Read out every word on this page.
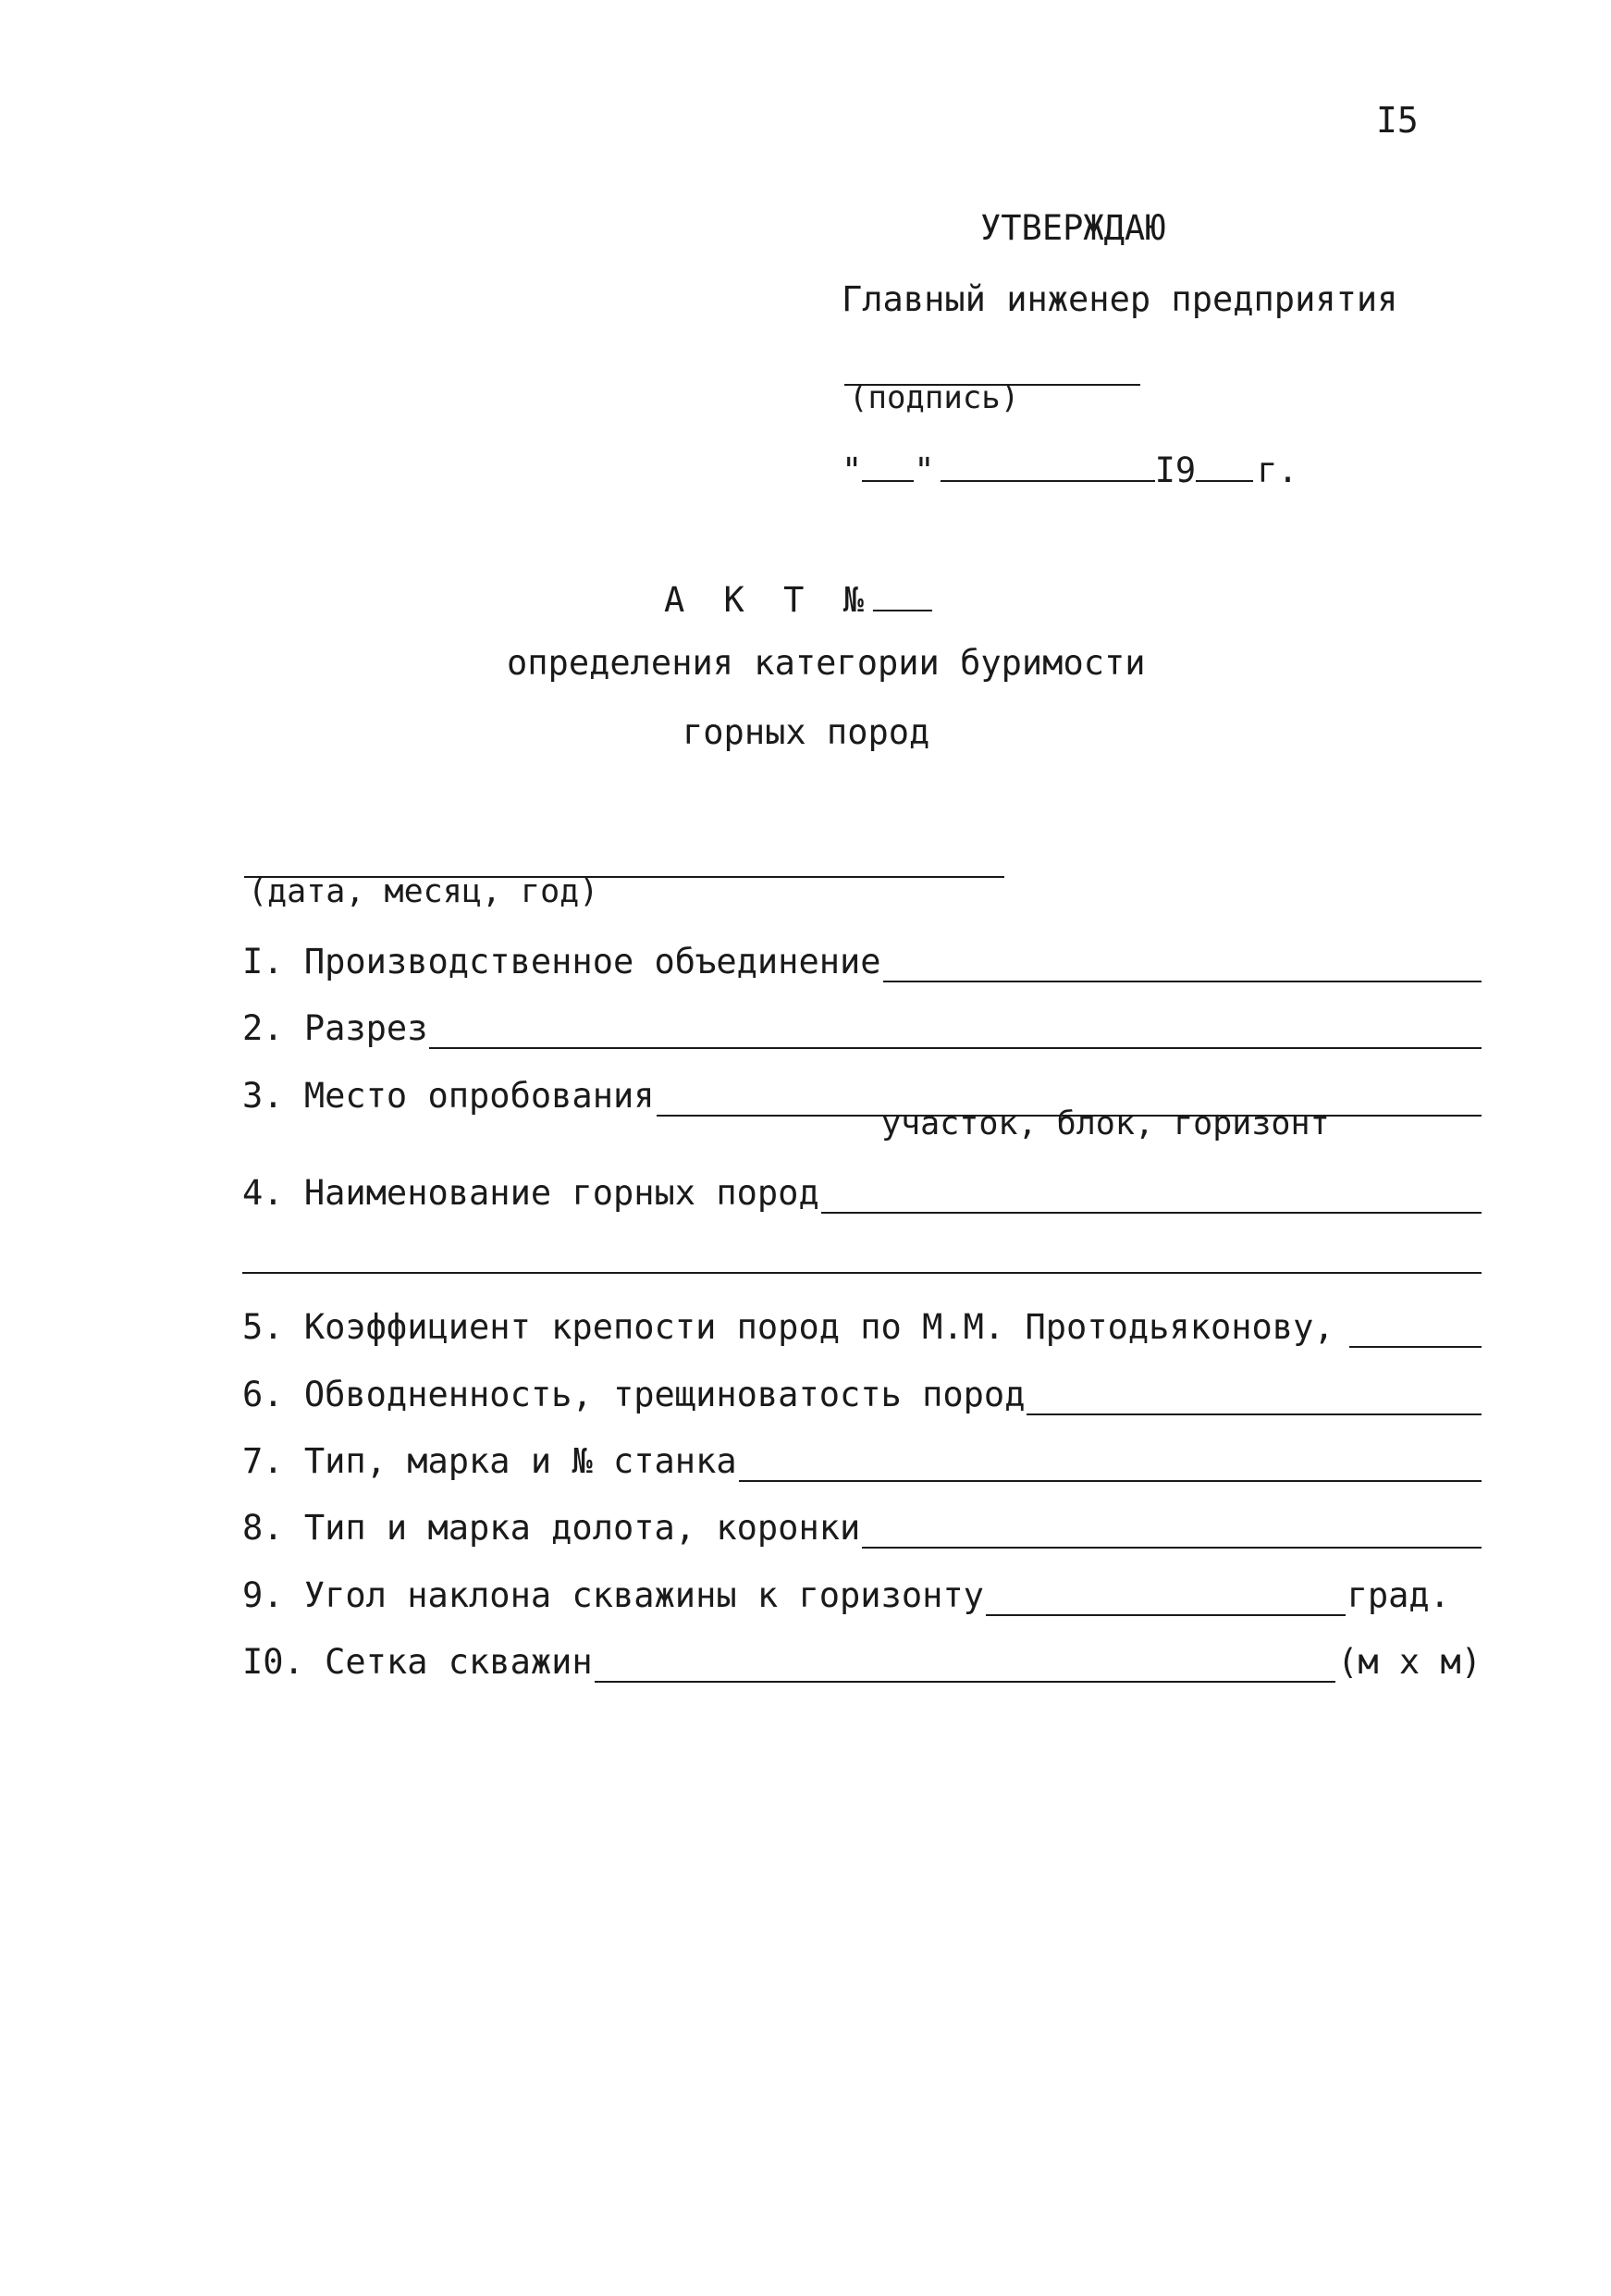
I5
УТВЕРЖДАЮ
Главный инженер предприятия
(подпись)
" "	I9 г.
А К Т №
определения категории буримости
горных пород
(дата, месяц, год)
I. Производственное объединение
2. Разрез
3. Место опробования
участок, блок, горизонт
4. Наименование горных пород
5. Коэффициент крепости пород по М.М. Протодьяконову,
6. Обводненность, трещиноватость пород
7. Тип, марка и № станка
8. Тип и марка долота, коронки
9. Угол наклона скважины к горизонту	град.
I0. Сетка скважин	(м х м)
